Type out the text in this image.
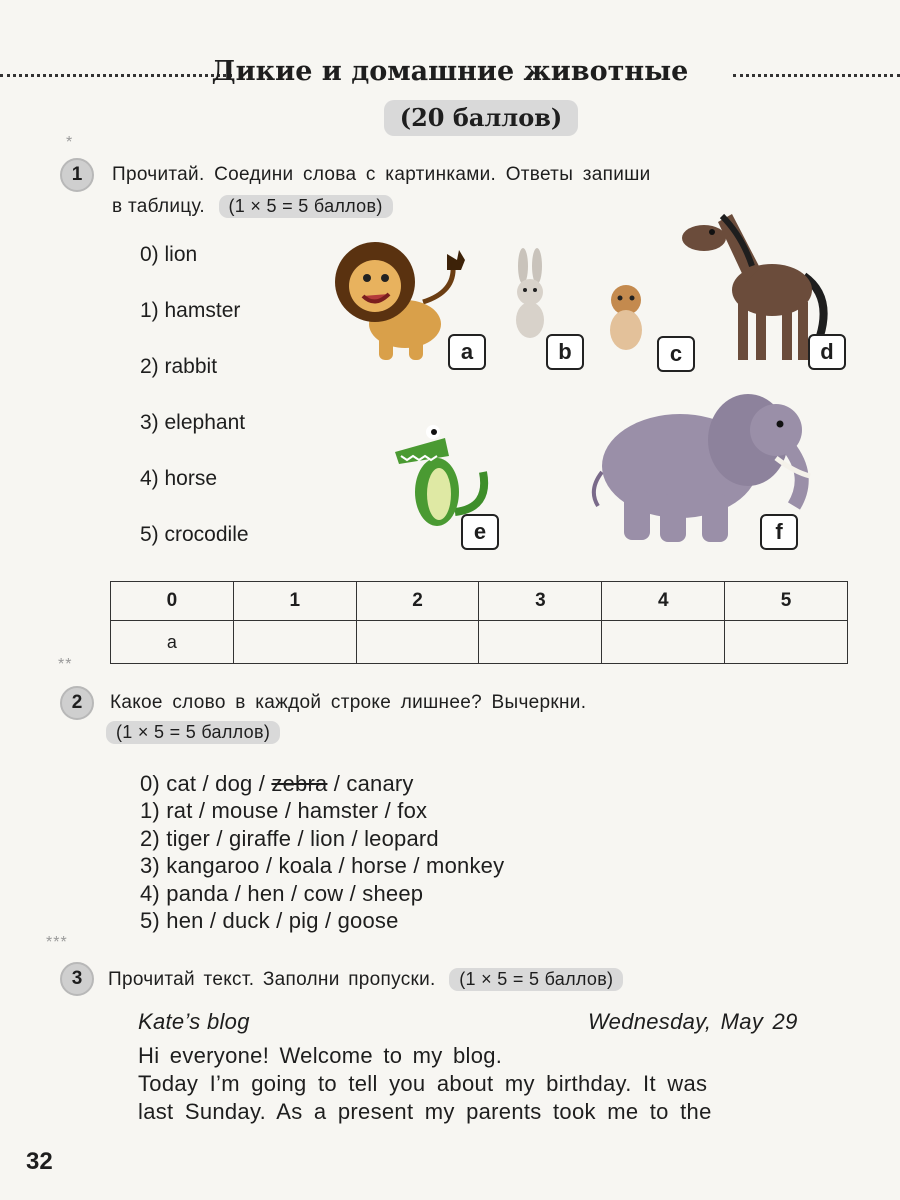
Дикие и домашние животные
(20 баллов)
*
1	Прочитай. Соедини слова с картинками. Ответы запиши
в таблицу. (1 × 5 = 5 баллов)
0) lion
1) hamster
2) rabbit
3) elephant
4) horse
5) crocodile
a	b	c	d
e	f
0	1	2	3	4	5
a					
**
2	Какое слово в каждой строке лишнее? Вычеркни.
(1 × 5 = 5 баллов)
0) cat / dog / zebra / canary
1) rat / mouse / hamster / fox
2) tiger / giraffe / lion / leopard
3) kangaroo / koala / horse / monkey
4) panda / hen / cow / sheep
5) hen / duck / pig / goose
***
3	Прочитай текст. Заполни пропуски. (1 × 5 = 5 баллов)
Kate’s blog	Wednesday, May 29
Hi everyone! Welcome to my blog.
Today I’m going to tell you about my birthday. It was
last Sunday. As a present my parents took me to the
32
